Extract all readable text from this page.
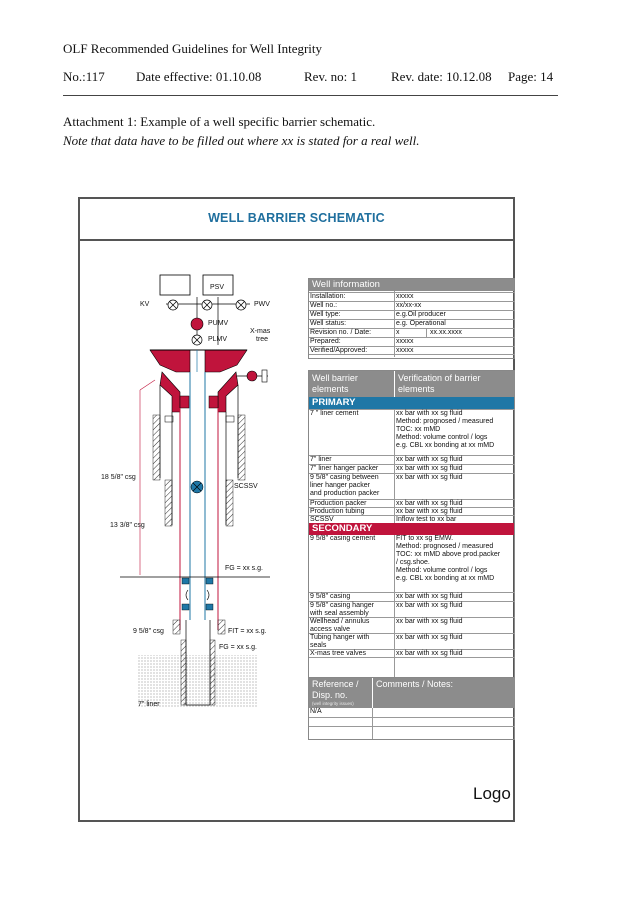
OLF Recommended Guidelines for Well Integrity
No.:117 Date effective: 01.10.08	Rev. no: 1	Rev. date: 10.12.08 Page: 14
Attachment 1: Example of a well specific barrier schematic.
Note that data have to be filled out where xx is stated for a real well.
WELL BARRIER SCHEMATIC
PSV
KV	PWV
PUMV
PLMV
X-mas
tree
SCSSV
18 5/8" csg
13 3/8" csg
FG = xx s.g.
9 5/8" csg	FIT = xx s.g.
FG = xx s.g.
7" liner
Well information
Installation:	xxxxx
Well no.:	xx/xx-xx
Well type:	e.g.Oil producer
Well status:	e.g. Operational
Revision no. / Date:	x	xx.xx.xxxx
Prepared:	xxxxx
Verified/Approved:	xxxxx
Well barrier elements
Verification of barrier elements
PRIMARY
7 " liner cement	xx bar with xx sg fluid
Method: prognosed / measured
TOC: xx mMD
Method: volume control / logs
e.g. CBL xx bonding at xx mMD
7" liner	xx bar with xx sg fluid
7" liner hanger packer	xx bar with xx sg fluid
9 5/8" casing between
liner hanger packer
and production packer
xx bar with xx sg fluid
Production packer	xx bar with xx sg fluid
Production tubing	xx bar with xx sg fluid
SCSSV	Inflow test to xx bar
SECONDARY
9 5/8" casing cement	FIT to xx sg EMW.
Method: prognosed / measured
TOC: xx mMD above prod.packer
/ csg.shoe.
Method: volume control / logs
e.g. CBL xx bonding at xx mMD
9 5/8" casing	xx bar with xx sg fluid
9 5/8" casing hanger
with seal assembly
xx bar with xx sg fluid
Wellhead / annulus
access valve
xx bar with xx sg fluid
Tubing hanger with
seals
xx bar with xx sg fluid
X-mas tree valves	xx bar with xx sg fluid
Reference / Disp. no.
(well integrity issues)
Comments / Notes:
N/A
Logo
